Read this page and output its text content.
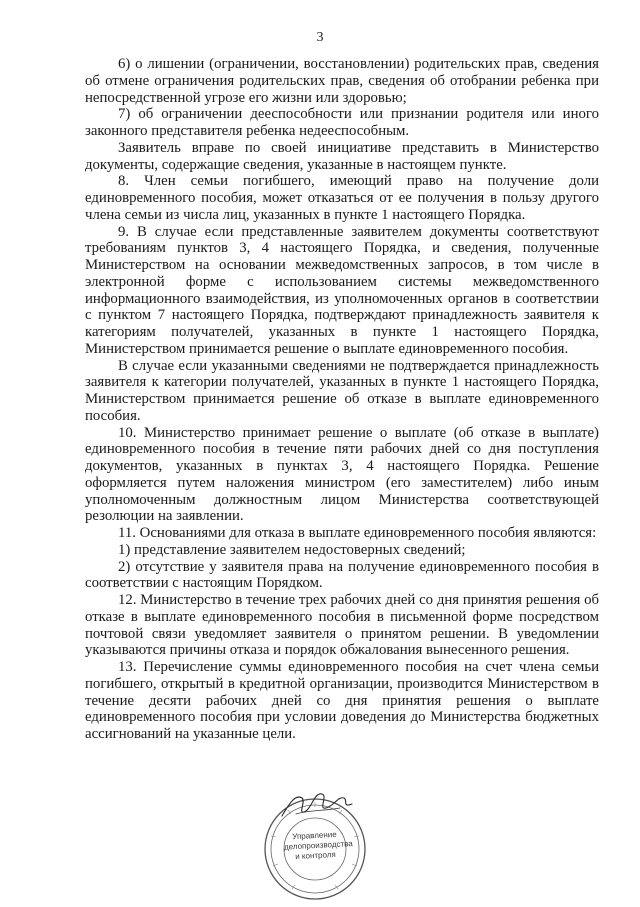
3

6) о лишении (ограничении, восстановлении) родительских прав, сведения об отмене ограничения родительских прав, сведения об отобрании ребенка при непосредственной угрозе его жизни или здоровью;

7) об ограничении дееспособности или признании родителя или иного законного представителя ребенка недееспособным.

Заявитель вправе по своей инициативе представить в Министерство документы, содержащие сведения, указанные в настоящем пункте.

8. Член семьи погибшего, имеющий право на получение доли единовременного пособия, может отказаться от ее получения в пользу другого члена семьи из числа лиц, указанных в пункте 1 настоящего Порядка.

9. В случае если представленные заявителем документы соответствуют требованиям пунктов 3, 4 настоящего Порядка, и сведения, полученные Министерством на основании межведомственных запросов, в том числе в электронной форме с использованием системы межведомственного информационного взаимодействия, из уполномоченных органов в соответствии с пунктом 7 настоящего Порядка, подтверждают принадлежность заявителя к категориям получателей, указанных в пункте 1 настоящего Порядка, Министерством принимается решение о выплате единовременного пособия.

В случае если указанными сведениями не подтверждается принадлежность заявителя к категории получателей, указанных в пункте 1 настоящего Порядка, Министерством принимается решение об отказе в выплате единовременного пособия.

10. Министерство принимает решение о выплате (об отказе в выплате) единовременного пособия в течение пяти рабочих дней со дня поступления документов, указанных в пунктах 3, 4 настоящего Порядка. Решение оформляется путем наложения министром (его заместителем) либо иным уполномоченным должностным лицом Министерства соответствующей резолюции на заявлении.

11. Основаниями для отказа в выплате единовременного пособия являются:

1) представление заявителем недостоверных сведений;

2) отсутствие у заявителя права на получение единовременного пособия в соответствии с настоящим Порядком.

12. Министерство в течение трех рабочих дней со дня принятия решения об отказе в выплате единовременного пособия в письменной форме посредством почтовой связи уведомляет заявителя о принятом решении. В уведомлении указываются причины отказа и порядок обжалования вынесенного решения.

13. Перечисление суммы единовременного пособия на счет члена семьи погибшего, открытый в кредитной организации, производится Министерством в течение десяти рабочих дней со дня принятия решения о выплате единовременного пособия при условии доведения до Министерства бюджетных ассигнований на указанные цели.

Управление
делопроизводства
и контроля
